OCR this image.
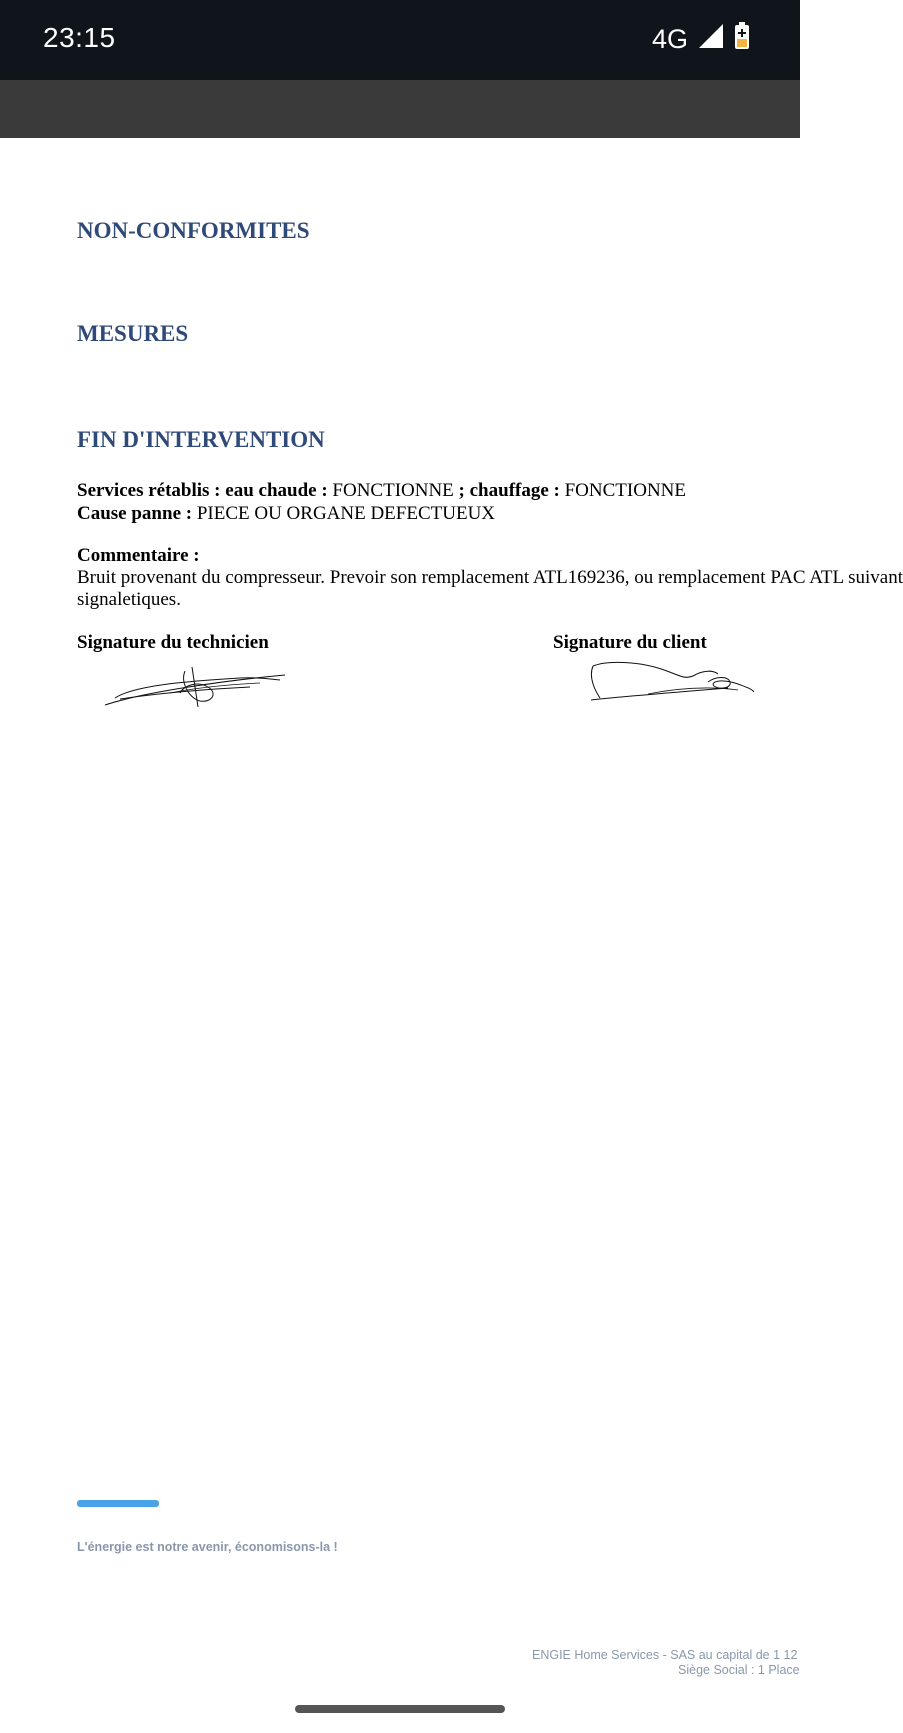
23:15	4G
NON-CONFORMITES
MESURES
FIN D'INTERVENTION
Services rétablis : eau chaude : FONCTIONNE ; chauffage : FONCTIONNE
Cause panne : PIECE OU ORGANE DEFECTUEUX
Commentaire :
Bruit provenant du compresseur. Prevoir son remplacement ATL169236, ou remplacement PAC ATL suivant
signaletiques.
Signature du technicien	Signature du client
L'énergie est notre avenir, économisons-la !
ENGIE Home Services - SAS au capital de 1 12
Siège Social : 1 Place
